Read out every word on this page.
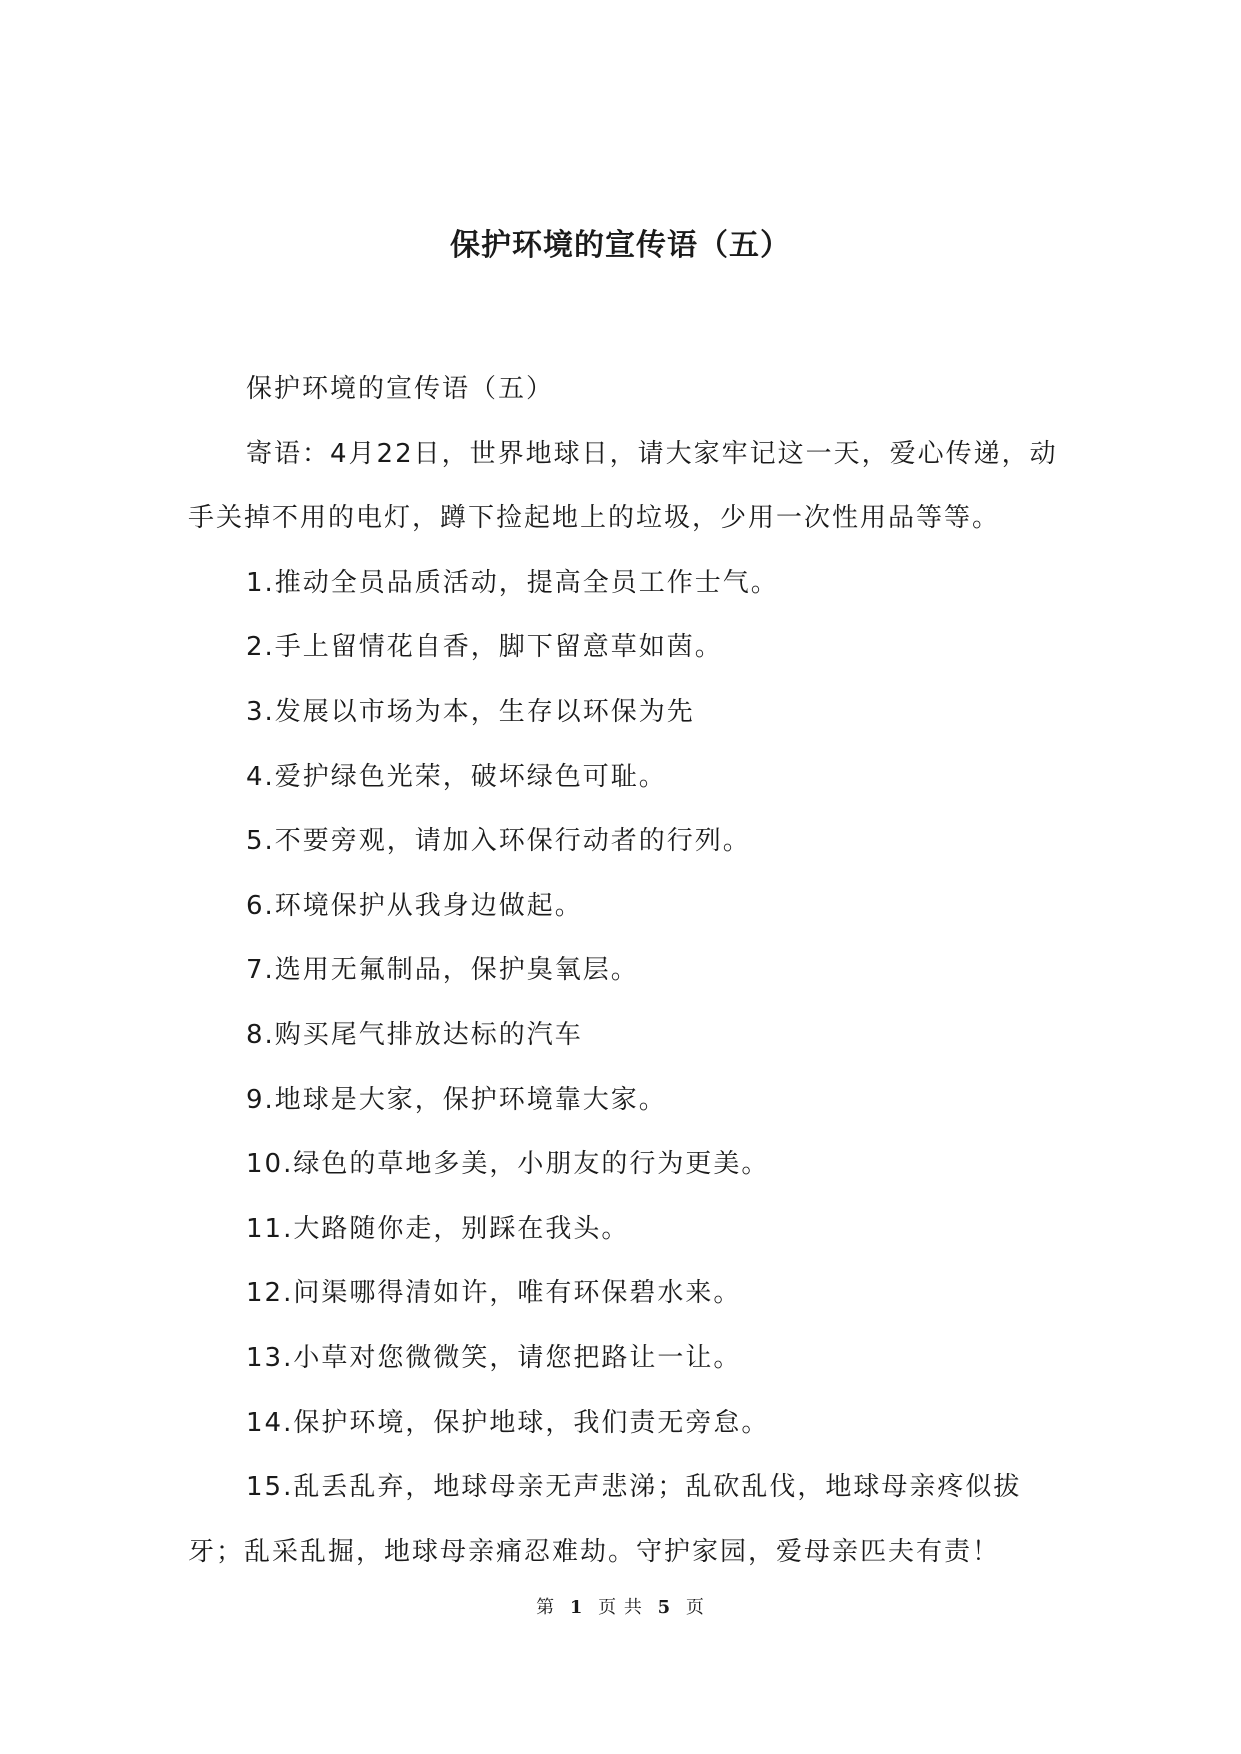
保护环境的宣传语（五）

保护环境的宣传语（五）

寄语：4月22日，世界地球日，请大家牢记这一天，爱心传递，动手关掉不用的电灯，蹲下捡起地上的垃圾，少用一次性用品等等。

1.推动全员品质活动，提高全员工作士气。

2.手上留情花自香，脚下留意草如茵。

3.发展以市场为本，生存以环保为先

4.爱护绿色光荣，破坏绿色可耻。

5.不要旁观，请加入环保行动者的行列。

6.环境保护从我身边做起。

7.选用无氟制品，保护臭氧层。

8.购买尾气排放达标的汽车

9.地球是大家，保护环境靠大家。

10.绿色的草地多美，小朋友的行为更美。

11.大路随你走，别踩在我头。

12.问渠哪得清如许，唯有环保碧水来。

13.小草对您微微笑，请您把路让一让。

14.保护环境，保护地球，我们责无旁怠。

15.乱丢乱弃，地球母亲无声悲涕；乱砍乱伐，地球母亲疼似拔牙；乱采乱掘，地球母亲痛忍难劫。守护家园，爱母亲匹夫有责！

第 1 页 共 5 页
